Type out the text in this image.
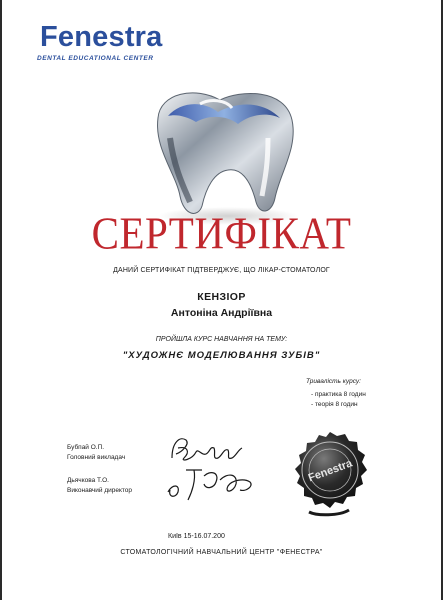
Fenestra
DENTAL EDUCATIONAL CENTER
СЕРТИФІКАТ
ДАНИЙ СЕРТИФІКАТ ПІДТВЕРДЖУЄ, ЩО ЛІКАР-СТОМАТОЛОГ
КЕНЗІОР
Антоніна Андріївна
ПРОЙШЛА КУРС НАВЧАННЯ НА ТЕМУ:
"ХУДОЖНЄ МОДЕЛЮВАННЯ ЗУБІВ"
Тривалість курсу:
- практика 8 годин
- теорія 8 годин
Бубпай О.П.
Головний викладач
Дьячкова Т.О.
Виконавчий директор
Fenestra
Київ 15-16.07.200
СТОМАТОЛОГІЧНИЙ НАВЧАЛЬНИЙ ЦЕНТР "ФЕНЕСТРА"
